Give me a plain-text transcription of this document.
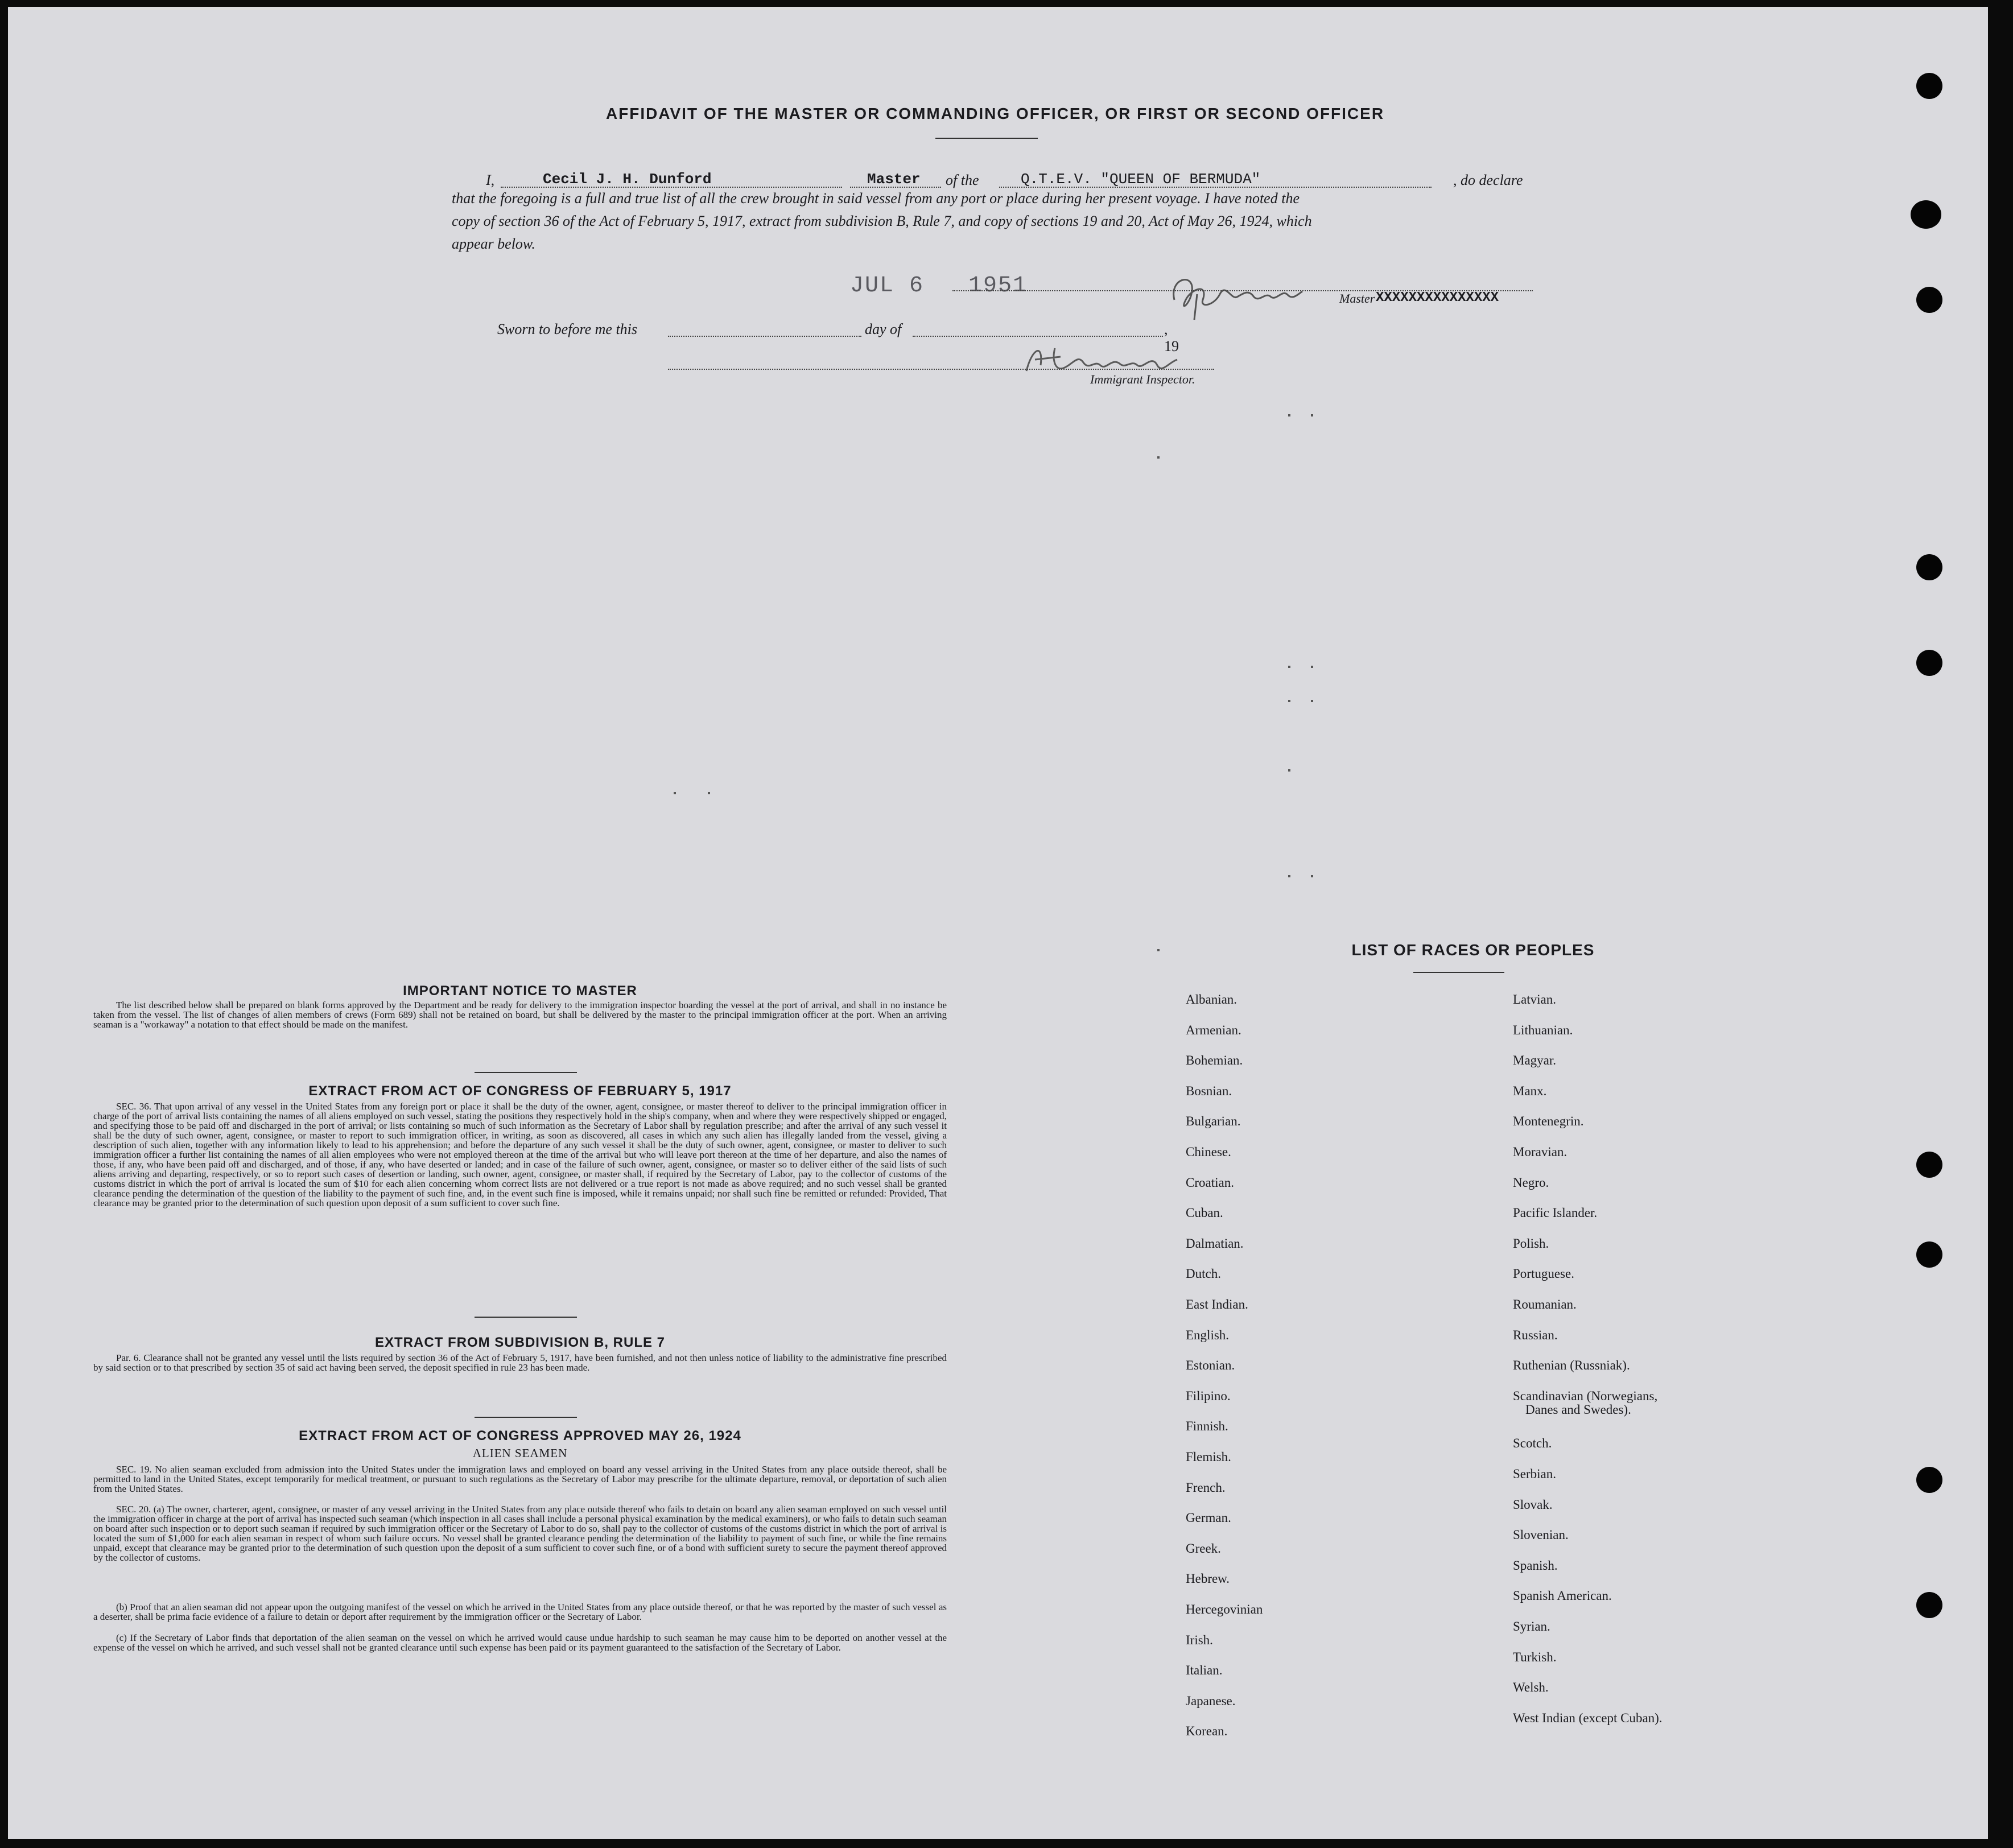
AFFIDAVIT OF THE MASTER OR COMMANDING OFFICER, OR FIRST OR SECOND OFFICER
I,	Cecil J. H. Dunford	Master of the	Q.T.E.V. "QUEEN OF BERMUDA"	, do declare
that the foregoing is a full and true list of all the crew brought in said vessel from any port or place during her present voyage. I have noted the
copy of section 36 of the Act of February 5, 1917, extract from subdivision B, Rule 7, and copy of sections 19 and 20, Act of May 26, 1924, which
appear below.
JUL 6   1951	Master XXXXXXXXXXXXXXX
Sworn to before me this	day of	, 19
Immigrant Inspector.
IMPORTANT NOTICE TO MASTER
The list described below shall be prepared on blank forms approved by the Department and be ready for delivery to the immigration inspector boarding the vessel at the port of arrival, and shall in no instance be taken from the vessel. The list of changes of alien members of crews (Form 689) shall not be retained on board, but shall be delivered by the master to the principal immigration officer at the port. When an arriving seaman is a "workaway" a notation to that effect should be made on the manifest.
EXTRACT FROM ACT OF CONGRESS OF FEBRUARY 5, 1917
SEC. 36. That upon arrival of any vessel in the United States from any foreign port or place it shall be the duty of the owner, agent, consignee, or master thereof to deliver to the principal immigration officer in charge of the port of arrival lists containing the names of all aliens employed on such vessel, stating the positions they respectively hold in the ship's company, when and where they were respectively shipped or engaged, and specifying those to be paid off and discharged in the port of arrival; or lists containing so much of such information as the Secretary of Labor shall by regulation prescribe; and after the arrival of any such vessel it shall be the duty of such owner, agent, consignee, or master to report to such immigration officer, in writing, as soon as discovered, all cases in which any such alien has illegally landed from the vessel, giving a description of such alien, together with any information likely to lead to his apprehension; and before the departure of any such vessel it shall be the duty of such owner, agent, consignee, or master to deliver to such immigration officer a further list containing the names of all alien employees who were not employed thereon at the time of the arrival but who will leave port thereon at the time of her departure, and also the names of those, if any, who have been paid off and discharged, and of those, if any, who have deserted or landed; and in case of the failure of such owner, agent, consignee, or master so to deliver either of the said lists of such aliens arriving and departing, respectively, or so to report such cases of desertion or landing, such owner, agent, consignee, or master shall, if required by the Secretary of Labor, pay to the collector of customs of the customs district in which the port of arrival is located the sum of $10 for each alien concerning whom correct lists are not delivered or a true report is not made as above required; and no such vessel shall be granted clearance pending the determination of the question of the liability to the payment of such fine, and, in the event such fine is imposed, while it remains unpaid; nor shall such fine be remitted or refunded: Provided, That clearance may be granted prior to the determination of such question upon deposit of a sum sufficient to cover such fine.
EXTRACT FROM SUBDIVISION B, RULE 7
Par. 6. Clearance shall not be granted any vessel until the lists required by section 36 of the Act of February 5, 1917, have been furnished, and not then unless notice of liability to the administrative fine prescribed by said section or to that prescribed by section 35 of said act having been served, the deposit specified in rule 23 has been made.
EXTRACT FROM ACT OF CONGRESS APPROVED MAY 26, 1924
ALIEN SEAMEN
SEC. 19. No alien seaman excluded from admission into the United States under the immigration laws and employed on board any vessel arriving in the United States from any place outside thereof, shall be permitted to land in the United States, except temporarily for medical treatment, or pursuant to such regulations as the Secretary of Labor may prescribe for the ultimate departure, removal, or deportation of such alien from the United States.
SEC. 20. (a) The owner, charterer, agent, consignee, or master of any vessel arriving in the United States from any place outside thereof who fails to detain on board any alien seaman employed on such vessel until the immigration officer in charge at the port of arrival has inspected such seaman (which inspection in all cases shall include a personal physical examination by the medical examiners), or who fails to detain such seaman on board after such inspection or to deport such seaman if required by such immigration officer or the Secretary of Labor to do so, shall pay to the collector of customs of the customs district in which the port of arrival is located the sum of $1,000 for each alien seaman in respect of whom such failure occurs. No vessel shall be granted clearance pending the determination of the liability to payment of such fine, or while the fine remains unpaid, except that clearance may be granted prior to the determination of such question upon the deposit of a sum sufficient to cover such fine, or of a bond with sufficient surety to secure the payment thereof approved by the collector of customs.
(b) Proof that an alien seaman did not appear upon the outgoing manifest of the vessel on which he arrived in the United States from any place outside thereof, or that he was reported by the master of such vessel as a deserter, shall be prima facie evidence of a failure to detain or deport after requirement by the immigration officer or the Secretary of Labor.
(c) If the Secretary of Labor finds that deportation of the alien seaman on the vessel on which he arrived would cause undue hardship to such seaman he may cause him to be deported on another vessel at the expense of the vessel on which he arrived, and such vessel shall not be granted clearance until such expense has been paid or its payment guaranteed to the satisfaction of the Secretary of Labor.
LIST OF RACES OR PEOPLES
Albanian.
Armenian.
Bohemian.
Bosnian.
Bulgarian.
Chinese.
Croatian.
Cuban.
Dalmatian.
Dutch.
East Indian.
English.
Estonian.
Filipino.
Finnish.
Flemish.
French.
German.
Greek.
Hebrew.
Hercegovinian
Irish.
Italian.
Japanese.
Korean.
Latvian.
Lithuanian.
Magyar.
Manx.
Montenegrin.
Moravian.
Negro.
Pacific Islander.
Polish.
Portuguese.
Roumanian.
Russian.
Ruthenian (Russniak).
Scandinavian (Norwegians,
Danes and Swedes).
Scotch.
Serbian.
Slovak.
Slovenian.
Spanish.
Spanish American.
Syrian.
Turkish.
Welsh.
West Indian (except Cuban).
